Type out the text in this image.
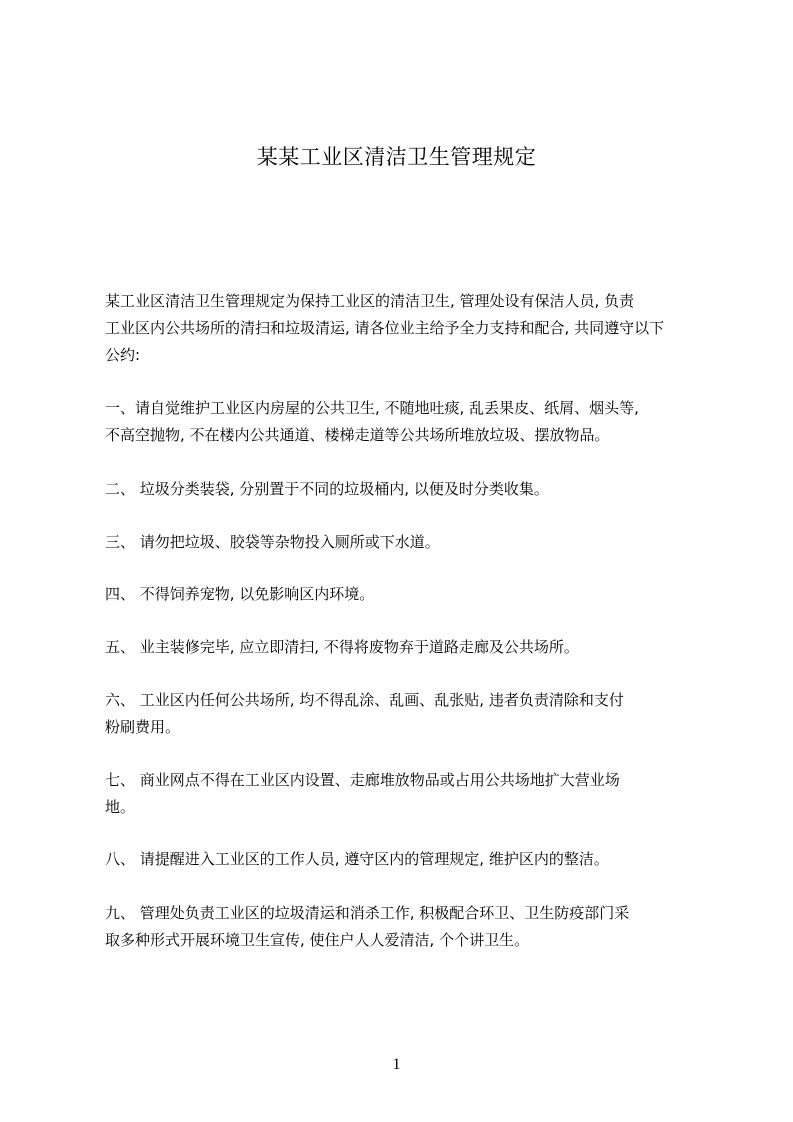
某某工业区清洁卫生管理规定
某工业区清洁卫生管理规定为保持工业区的清洁卫生, 管理处设有保洁人员, 负责
工业区内公共场所的清扫和垃圾清运, 请各位业主给予全力支持和配合, 共同遵守以下
公约:
一、请自觉维护工业区内房屋的公共卫生, 不随地吐痰, 乱丢果皮、纸屑、烟头等,
不高空抛物, 不在楼内公共通道、楼梯走道等公共场所堆放垃圾、摆放物品。
二、 垃圾分类装袋, 分别置于不同的垃圾桶内, 以便及时分类收集。
三、 请勿把垃圾、胶袋等杂物投入厕所或下水道。
四、 不得饲养宠物, 以免影响区内环境。
五、 业主装修完毕, 应立即清扫, 不得将废物弃于道路走廊及公共场所。
六、 工业区内任何公共场所, 均不得乱涂、乱画、乱张贴, 违者负责清除和支付
粉刷费用。
七、 商业网点不得在工业区内设置、走廊堆放物品或占用公共场地扩大营业场
地。
八、 请提醒进入工业区的工作人员, 遵守区内的管理规定, 维护区内的整洁。
九、 管理处负责工业区的垃圾清运和消杀工作, 积极配合环卫、卫生防疫部门采
取多种形式开展环境卫生宣传, 使住户人人爱清洁, 个个讲卫生。
1
